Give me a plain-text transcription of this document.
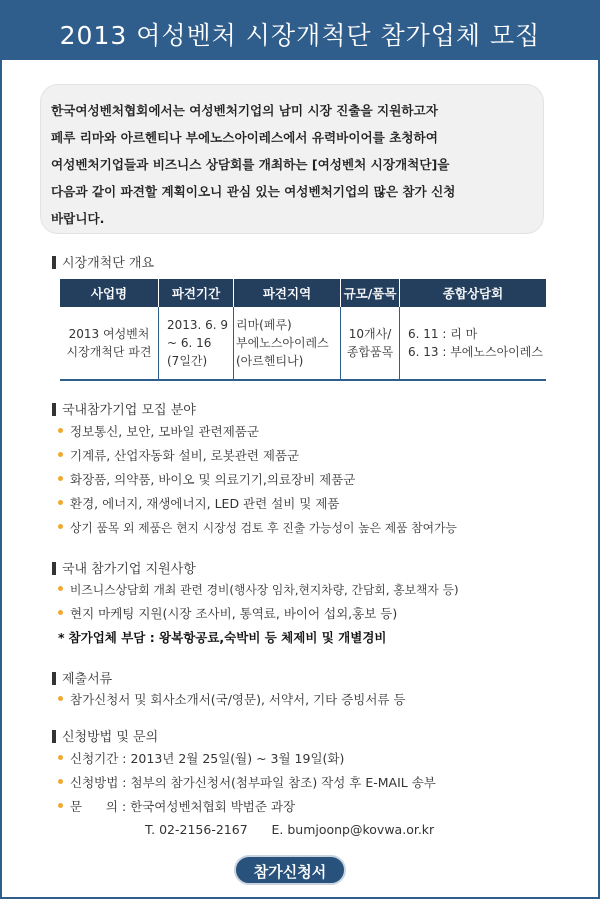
2013 여성벤처 시장개척단 참가업체 모집

한국여성벤처협회에서는 여성벤처기업의 남미 시장 진출을 지원하고자
페루 리마와 아르헨티나 부에노스아이레스에서 유력바이어를 초청하여
여성벤처기업들과 비즈니스 상담회를 개최하는 [여성벤처 시장개척단]을
다음과 같이 파견할 계획이오니 관심 있는 여성벤처기업의 많은 참가 신청
바랍니다.

시장개척단 개요
사업명	파견기간	파견지역	규모/품목	종합상담회
2013 여성벤처
시장개척단 파견	2013. 6. 9
~ 6. 16
(7일간)	리마(페루)
부에노스아이레스
(아르헨티나)	10개사/
종합품목	6. 11 : 리 마
6. 13 : 부에노스아이레스
국내참가기업 모집 분야
정보통신, 보안, 모바일 관련제품군
기계류, 산업자동화 설비, 로봇관련 제품군
화장품, 의약품, 바이오 및 의료기기,의료장비 제품군
환경, 에너지, 재생에너지, LED 관련 설비 및 제품
상기 품목 외 제품은 현지 시장성 검토 후 진출 가능성이 높은 제품 참여가능
국내 참가기업 지원사항
비즈니스상담회 개최 관련 경비(행사장 임차,현지차량, 간담회, 홍보책자 등)
현지 마케팅 지원(시장 조사비, 통역료, 바이어 섭외,홍보 등)
* 참가업체 부담 : 왕복항공료,숙박비 등 체제비 및 개별경비
제출서류
참가신청서 및 회사소개서(국/영문), 서약서, 기타 증빙서류 등
신청방법 및 문의
신청기간 : 2013년 2월 25일(월) ~ 3월 19일(화)
신청방법 : 첨부의 참가신청서(첨부파일 참조) 작성 후 E-MAIL 송부
문      의 : 한국여성벤처협회 박범준 과장
T. 02-2156-2167      E. bumjoonp@kovwa.or.kr
참가신청서
